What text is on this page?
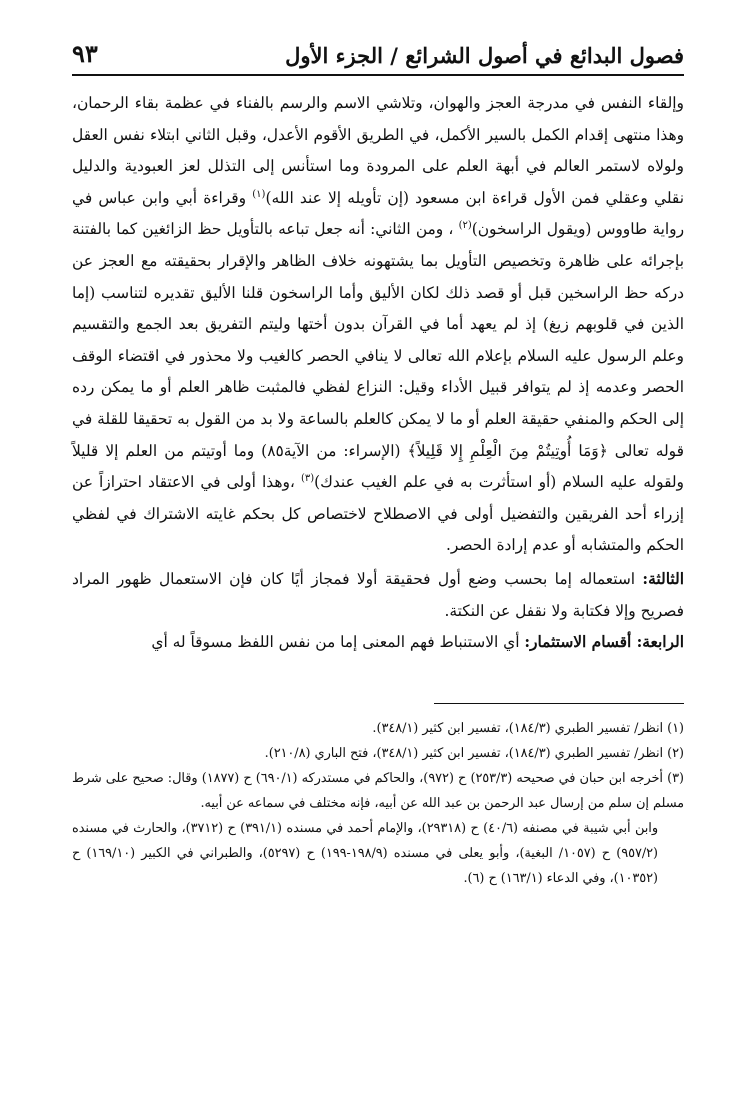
فصول البدائع في أصول الشرائع / الجزء الأول
٩٣

وإلقاء النفس في مدرجة العجز والهوان، وتلاشي الاسم والرسم بالفناء في عظمة بقاء الرحمان، وهذا منتهى إقدام الكمل بالسير الأكمل، في الطريق الأقوم الأعدل، وقبل الثاني ابتلاء نفس العقل ولولاه لاستمر العالم في أبهة العلم على المرودة وما استأنس إلى التذلل لعز العبودية والدليل نقلي وعقلي فمن الأول قراءة ابن مسعود (إن تأويله إلا عند الله)$^{(١)}$ وقراءة أبي وابن عباس في رواية طاووس (ويقول الراسخون)$^{(٢)}$ ، ومن الثاني: أنه جعل تباعه بالتأويل حظ الزائغين كما بالفتنة بإجرائه على ظاهرة وتخصيص التأويل بما يشتهونه خلاف الظاهر والإقرار بحقيقته مع العجز عن دركه حظ الراسخين قبل أو قصد ذلك لكان الأليق وأما الراسخون قلنا الأليق تقديره لتناسب (إما الذين في قلوبهم زيغ) إذ لم يعهد أما في القرآن بدون أختها وليتم التفريق بعد الجمع والتقسيم وعلم الرسول عليه السلام بإعلام الله تعالى لا ينافي الحصر كالغيب ولا محذور في اقتضاء الوقف الحصر وعدمه إذ لم يتوافر قبيل الأداء وقيل: النزاع لفظي فالمثبت ظاهر العلم أو ما يمكن رده إلى الحكم والمنفي حقيقة العلم أو ما لا يمكن كالعلم بالساعة ولا بد من القول به تحقيقا للقلة في قوله تعالى ﴿وَمَا أُوتِيتُمْ مِنَ الْعِلْمِ إِلا قَلِيلاً﴾ (الإسراء: من الآية٨٥) وما أوتيتم من العلم إلا قليلاً ولقوله عليه السلام (أو استأثرت به في علم الغيب عندك)$^{(٣)}$ ،وهذا أولى في الاعتقاد احترازاً عن إزراء أحد الفريقين والتفضيل أولى في الاصطلاح لاختصاص كل بحكم غايته الاشتراك في لفظي الحكم والمتشابه أو عدم إرادة الحصر.

الثالثة: استعماله إما بحسب وضع أول فحقيقة أولا فمجاز أيًا كان فإن الاستعمال ظهور المراد فصريح وإلا فكتابة ولا نقفل عن النكتة.

الرابعة: أقسام الاستثمار: أي الاستنباط فهم المعنى إما من نفس اللفظ مسوقاً له أي

(١) انظر/ تفسير الطبري (١٨٤/٣)، تفسير ابن كثير (٣٤٨/١).

(٢) انظر/ تفسير الطبري (١٨٤/٣)، تفسير ابن كثير (٣٤٨/١)، فتح الباري (٢١٠/٨).

(٣) أخرجه ابن حبان في صحيحه (٢٥٣/٣) ح (٩٧٢)، والحاكم في مستدركه (٦٩٠/١) ح (١٨٧٧) وقال: صحيح على شرط مسلم إن سلم من إرسال عبد الرحمن بن عبد الله عن أبيه، فإنه مختلف في سماعه عن أبيه.

وابن أبي شيبة في مصنفه (٤٠/٦) ح (٢٩٣١٨)، والإمام أحمد في مسنده (٣٩١/١) ح (٣٧١٢)، والحارث في مسنده (٩٥٧/٢) ح (١٠٥٧/ البغية)، وأبو يعلى في مسنده (١٩٨/٩-١٩٩) ح (٥٢٩٧)، والطبراني في الكبير (١٦٩/١٠) ح (١٠٣٥٢)، وفي الدعاء (١٦٣/١) ح (٦).
